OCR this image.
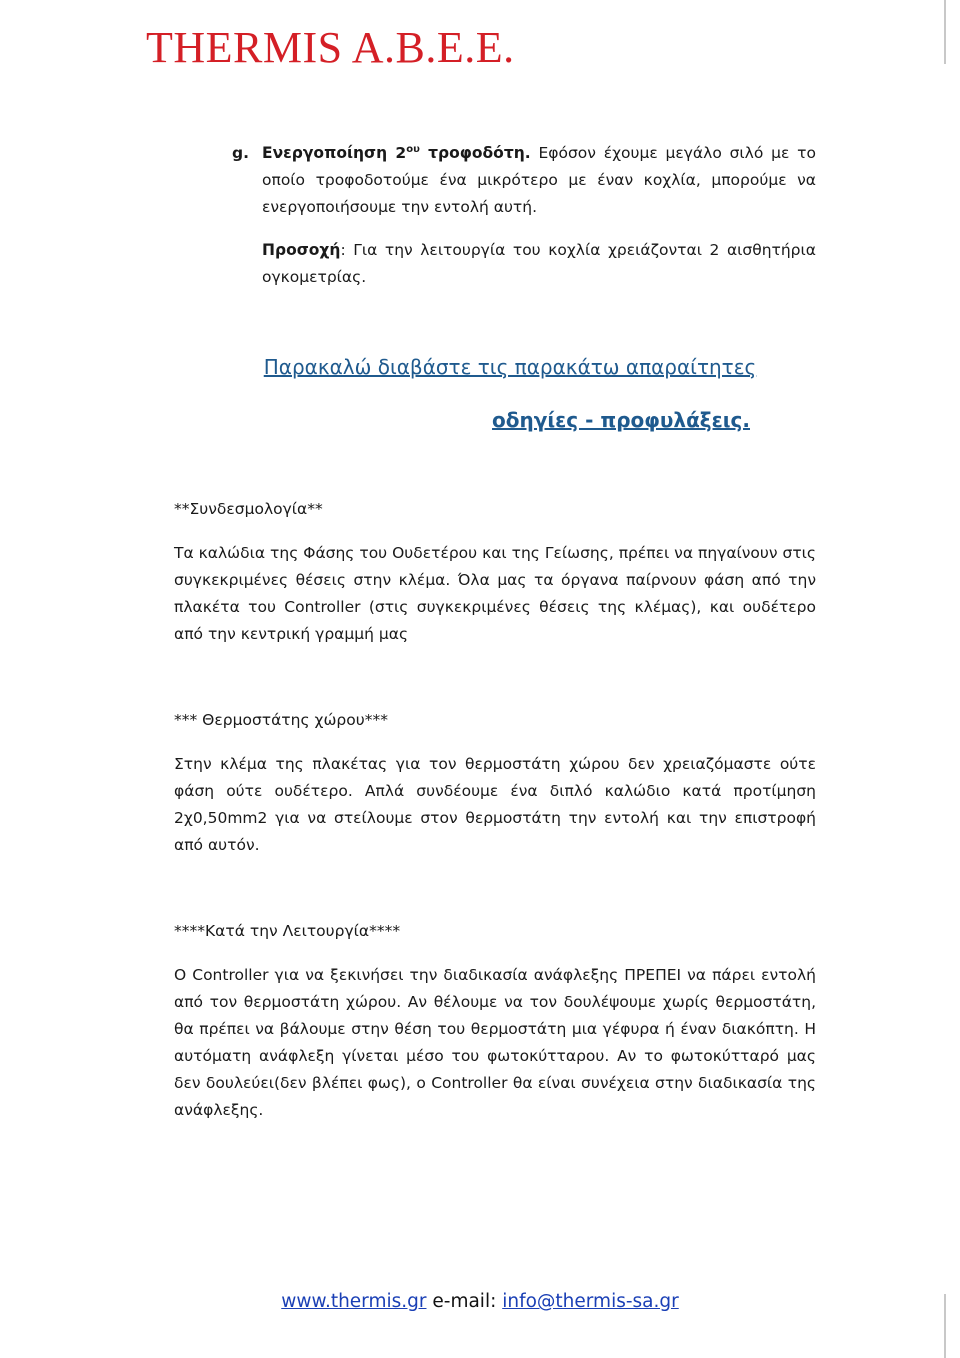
THERMIS A.B.E.E.
g. Ενεργοποίηση $2^{o\upsilon}$ τροφοδότη. Εφόσον έχουμε μεγάλο σιλό με το οποίο τροφοδοτούμε ένα μικρότερο με έναν κοχλία, μπορούμε να ενεργοποιήσουμε την εντολή αυτή.
Προσοχή: Για την λειτουργία του κοχλία χρειάζονται 2 αισθητήρια ογκομετρίας.
Παρακαλώ διαβάστε τις παρακάτω απαραίτητες
οδηγίες - προφυλάξεις.

**Συνδεσμολογία**

Τα καλώδια της Φάσης του Ουδετέρου και της Γείωσης, πρέπει να πηγαίνουν στις συγκεκριμένες θέσεις στην κλέμα. Όλα μας τα όργανα παίρνουν φάση από την πλακέτα του Controller (στις συγκεκριμένες θέσεις της κλέμας), και ουδέτερο από την κεντρική γραμμή μας

*** Θερμοστάτης χώρου***

Στην κλέμα της πλακέτας για τον θερμοστάτη χώρου δεν χρειαζόμαστε ούτε φάση ούτε ουδέτερο. Απλά συνδέουμε ένα διπλό καλώδιο κατά προτίμηση 2χ0,50mm2 για να στείλουμε στον θερμοστάτη την εντολή και την επιστροφή από αυτόν.

****Κατά την Λειτουργία****

Ο Controller για να ξεκινήσει την διαδικασία ανάφλεξης ΠΡΕΠΕΙ να πάρει εντολή από τον θερμοστάτη χώρου. Αν θέλουμε να τον δουλέψουμε χωρίς θερμοστάτη, θα πρέπει να βάλουμε στην θέση του θερμοστάτη μια γέφυρα ή έναν διακόπτη. Η αυτόματη ανάφλεξη γίνεται μέσο του φωτοκύτταρου. Αν το φωτοκύτταρό μας δεν δουλεύει(δεν βλέπει φως), ο Controller θα είναι συνέχεια στην διαδικασία της ανάφλεξης.

www.thermis.gr e-mail: info@thermis-sa.gr
